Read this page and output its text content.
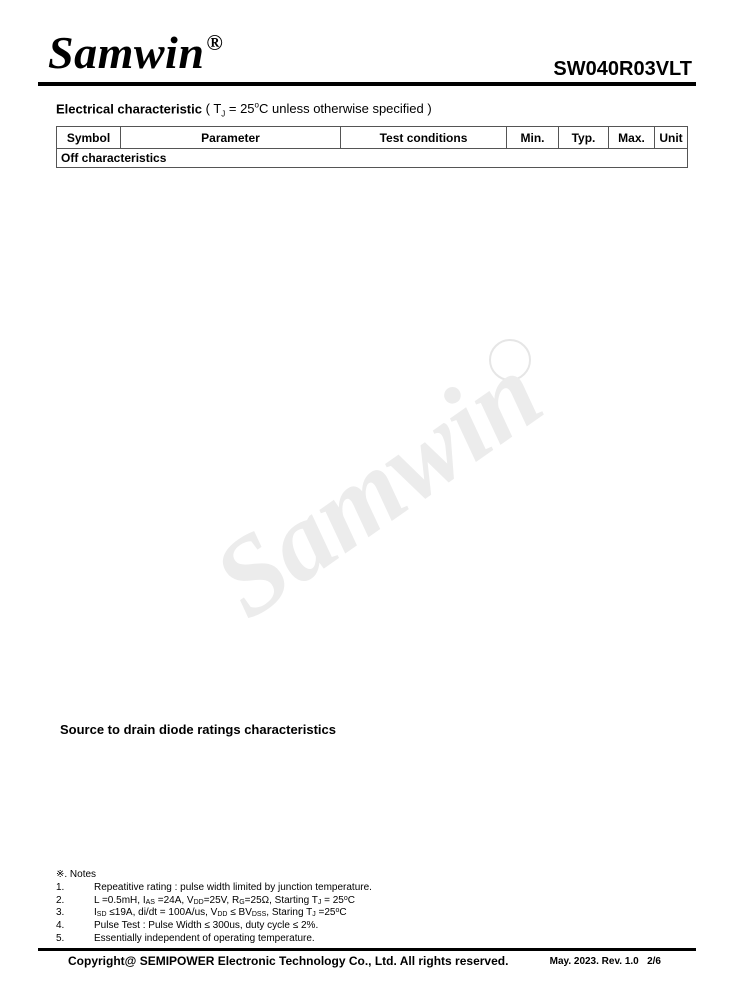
Samwin®
SW040R03VLT
Samwin
Electrical characteristic ( $T_J = 25^oC$ unless otherwise specified )
Symbol	Parameter	Test conditions	Min.	Typ.	Max.	Unit
Off characteristics
Source to drain diode ratings characteristics
※. Notes
1.	Repeatitive rating : pulse width limited by junction temperature.
2.	L =0.5mH, $I_{AS} =24A$, $V_{DD}=25V$, $R_G=25\Omega$, Starting $T_J = 25^oC$
3.	$I_{SD} \le 19A$, di/dt = 100A/us, $V_{DD} \le BV_{DSS}$, Staring $T_J =25^oC$
4.	Pulse Test : Pulse Width ≤ 300us, duty cycle ≤ 2%.
5.	Essentially independent of operating temperature.
Copyright@ SEMIPOWER Electronic Technology Co., Ltd. All rights reserved.	May. 2023. Rev. 1.0 2/6
